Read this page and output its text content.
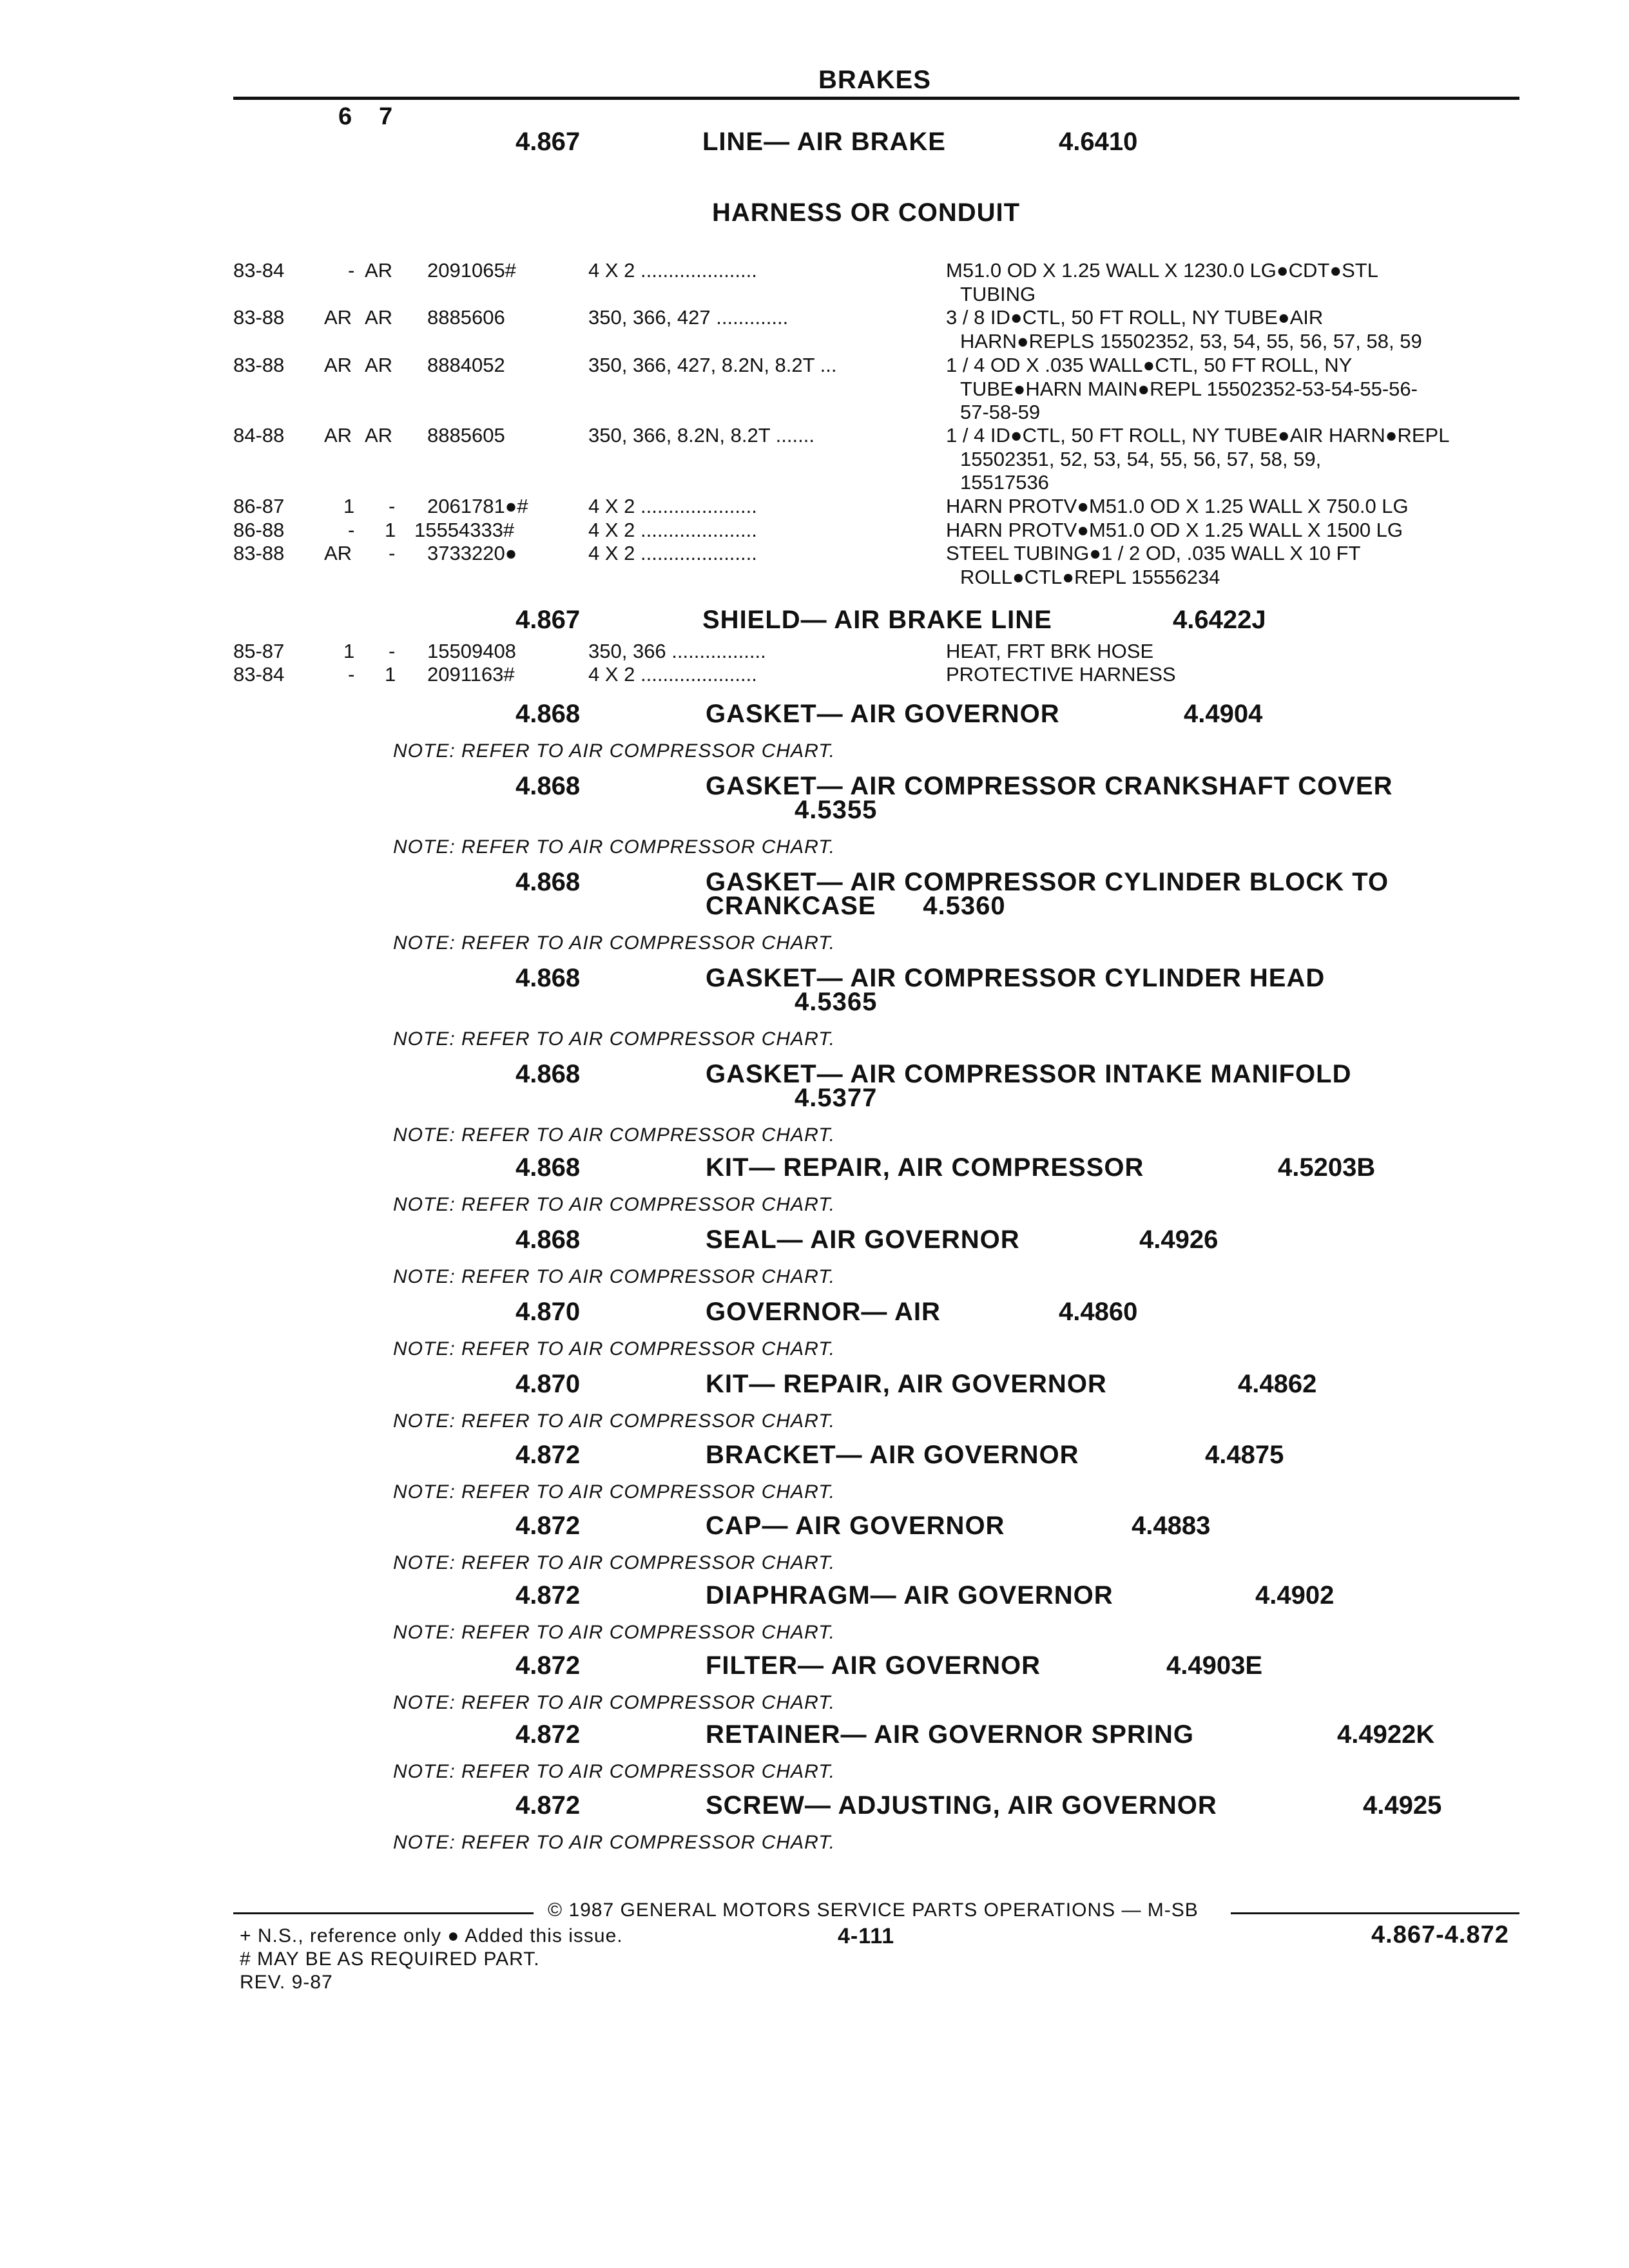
BRAKES
6 7
4.867	LINE— AIR BRAKE	4.6410
HARNESS OR CONDUIT
83-84	- AR 2091065#	4 X 2 .....................	M51.0 OD X 1.25 WALL X 1230.0 LG●CDT●STL
TUBING
83-88 AR AR 8885606	350, 366, 427 .............	3 / 8 ID●CTL, 50 FT ROLL, NY TUBE●AIR
HARN●REPLS 15502352, 53, 54, 55, 56, 57, 58, 59
83-88 AR AR 8884052	350, 366, 427, 8.2N, 8.2T ...	1 / 4 OD X .035 WALL●CTL, 50 FT ROLL, NY
TUBE●HARN MAIN●REPL 15502352-53-54-55-56-
57-58-59
84-88 AR AR 8885605	350, 366, 8.2N, 8.2T .......	1 / 4 ID●CTL, 50 FT ROLL, NY TUBE●AIR HARN●REPL
15502351, 52, 53, 54, 55, 56, 57, 58, 59,
15517536
86-87	1 - 2061781●#	4 X 2 .....................	HARN PROTV●M51.0 OD X 1.25 WALL X 750.0 LG
86-88	- 1 15554333#	4 X 2 .....................	HARN PROTV●M51.0 OD X 1.25 WALL X 1500 LG
83-88 AR - 3733220●	4 X 2 .....................	STEEL TUBING●1 / 2 OD, .035 WALL X 10 FT
ROLL●CTL●REPL 15556234
4.867	SHIELD— AIR BRAKE LINE	4.6422J
85-87	1 - 15509408	350, 366 .................	HEAT, FRT BRK HOSE
83-84	- 1 2091163#	4 X 2 .....................	PROTECTIVE HARNESS
4.868	GASKET— AIR GOVERNOR	4.4904
NOTE: REFER TO AIR COMPRESSOR CHART.
4.868	GASKET— AIR COMPRESSOR CRANKSHAFT COVER
4.5355
NOTE: REFER TO AIR COMPRESSOR CHART.
4.868	GASKET— AIR COMPRESSOR CYLINDER BLOCK TO
CRANKCASE      4.5360
NOTE: REFER TO AIR COMPRESSOR CHART.
4.868	GASKET— AIR COMPRESSOR CYLINDER HEAD
4.5365
NOTE: REFER TO AIR COMPRESSOR CHART.
4.868	GASKET— AIR COMPRESSOR INTAKE MANIFOLD
4.5377
NOTE: REFER TO AIR COMPRESSOR CHART.
4.868	KIT— REPAIR, AIR COMPRESSOR	4.5203B
NOTE: REFER TO AIR COMPRESSOR CHART.
4.868	SEAL— AIR GOVERNOR	4.4926
NOTE: REFER TO AIR COMPRESSOR CHART.
4.870	GOVERNOR— AIR	4.4860
NOTE: REFER TO AIR COMPRESSOR CHART.
4.870	KIT— REPAIR, AIR GOVERNOR	4.4862
NOTE: REFER TO AIR COMPRESSOR CHART.
4.872	BRACKET— AIR GOVERNOR	4.4875
NOTE: REFER TO AIR COMPRESSOR CHART.
4.872	CAP— AIR GOVERNOR	4.4883
NOTE: REFER TO AIR COMPRESSOR CHART.
4.872	DIAPHRAGM— AIR GOVERNOR	4.4902
NOTE: REFER TO AIR COMPRESSOR CHART.
4.872	FILTER— AIR GOVERNOR	4.4903E
NOTE: REFER TO AIR COMPRESSOR CHART.
4.872	RETAINER— AIR GOVERNOR SPRING	4.4922K
NOTE: REFER TO AIR COMPRESSOR CHART.
4.872	SCREW— ADJUSTING, AIR GOVERNOR	4.4925
NOTE: REFER TO AIR COMPRESSOR CHART.
© 1987 GENERAL MOTORS SERVICE PARTS OPERATIONS — M-SB
+ N.S., reference only ● Added this issue.	4-111	4.867-4.872
# MAY BE AS REQUIRED PART.
REV. 9-87
